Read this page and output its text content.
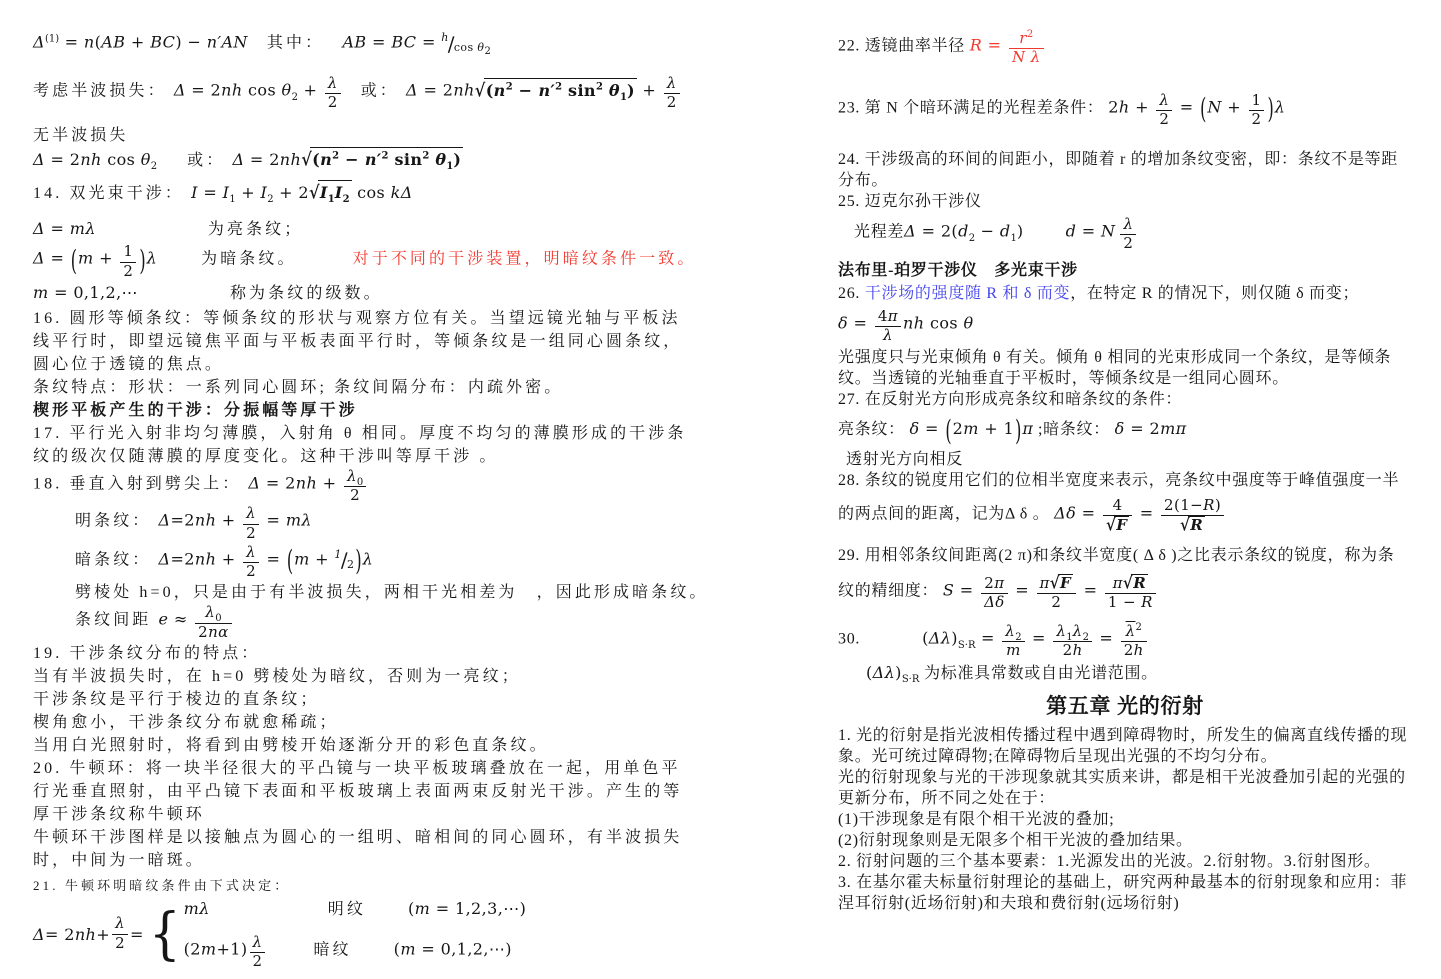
$\Delta^{(1)} = n(AB + BC) - n'AN$　其中：　 AB = BC = $^h∕_{cos \theta_2}$
考虑半波损失： Δ = 2nh $\cos \theta_2 + \frac{\lambda}{2}$ 或： $\Delta = 2nh√(n^2 - n'^2$ $\sin^2 \theta_1) + \frac{\lambda}{2}$
无半波损失
Δ = 2nh $\cos \theta_2$ 或： $\Delta = 2nh√(n^2 - n'^2$ $\sin^2 \theta_1$)
14. 双光束干涉： $I = I_1 + I_2 + 2√I_1I_2$ cos kΔ
Δ = mλ	为亮条纹；
$\Delta = (m + \frac{1}{2} )\lambda$	为暗条纹。	对于不同的干涉装置，明暗纹条件一致。
m = 0,1,2,⋯	称为条纹的级数。
16. 圆形等倾条纹：等倾条纹的形状与观察方位有关。当望远镜光轴与平板法
线平行时，即望远镜焦平面与平板表面平行时，等倾条纹是一组同心圆条纹，
圆心位于透镜的焦点。
条纹特点：形状：一系列同心圆环; 条纹间隔分布：内疏外密。
楔形平板产生的干涉：分振幅等厚干涉
17. 平行光入射非均匀薄膜，入射角 θ 相同。厚度不均匀的薄膜形成的干涉条
纹的级次仅随薄膜的厚度变化。这种干涉叫等厚干涉 。
18. 垂直入射到劈尖上： $\Delta = 2nh + \frac{\lambda_0}{2}$
明条纹： $\Delta=2nh + \frac{\lambda}{2} = m\lambda$
暗条纹： $\Delta=2nh + \frac{\lambda}{2} = (m$ + $^1∕_2)\lambda$
劈棱处 h=0，只是由于有半波损失，两相干光相差为　，因此形成暗条纹。
条纹间距 $e \approx \frac{\lambda_0}{2n\alpha}$
19. 干涉条纹分布的特点：
当有半波损失时，在 h=0 劈棱处为暗纹，否则为一亮纹；
干涉条纹是平行于棱边的直条纹；
楔角愈小，干涉条纹分布就愈稀疏；
当用白光照射时，将看到由劈棱开始逐渐分开的彩色直条纹。
20. 牛顿环：将一块半径很大的平凸镜与一块平板玻璃叠放在一起，用单色平
行光垂直照射，由平凸镜下表面和平板玻璃上表面两束反射光干涉。产生的等
厚干涉条纹称牛顿环
牛顿环干涉图样是以接触点为圆心的一组明、暗相间的同心圆环，有半波损失
时，中间为一暗斑。
21. 牛顿环明暗纹条件由下式决定：
Δ = 2 nh + $\frac{\lambda}{2}$ = { mλ	明纹	(m = 1,2,3,⋯)
$(2m+1) \frac{\lambda}{2}$	暗纹	(m = 0,1,2,⋯)
22. 透镜曲率半径 $R = \frac{r^2}{\text{N λ}}$
23. 第 N 个暗环满足的光程差条件： $2h + \frac{\lambda}{2} = (N + \frac{1}{2} )\lambda$
24. 干涉级高的环间的间距小，即随着 r 的增加条纹变密，即：条纹不是等距
分布。
25. 迈克尔孙干涉仪
光程差$\Delta = 2(d_2 - d_1)$	d = N $\frac{\lambda}{2}$
法布里-珀罗干涉仪　多光束干涉
26. 干涉场的强度随 R 和 δ 而变，在特定 R 的情况下，则仅随 δ 而变；
$\delta = \frac{4\pi}{\lambda}$ nh cos θ
光强度只与光束倾角 θ 有关。倾角 θ 相同的光束形成同一个条纹，是等倾条
纹。当透镜的光轴垂直于平板时，等倾条纹是一组同心圆环。
27. 在反射光方向形成亮条纹和暗条纹的条件：
亮条纹： δ = (2m + 1)π ;暗条纹： δ = 2mπ
透射光方向相反
28. 条纹的锐度用它们的位相半宽度来表示，亮条纹中强度等于峰值强度一半
的两点间的距离，记为Δ δ 。 $\Delta\delta = \frac{4}{√F} = \frac{2(1-R)}{√R}$
29. 用相邻条纹间距离(2 π)和条纹半宽度( Δ δ )之比表示条纹的锐度，称为条
纹的精细度： $S = \frac{2\pi}{\Delta\delta} = \frac{\pi√F}{2} = \frac{\pi√R}{1 - R}$
30.	$(\Delta\lambda)_{S\cdot R} = \frac{\lambda_2}{m} = \frac{\lambda_1\lambda_2}{2h} = \frac{\overline{\lambda}^2}{2h}$
$(\Delta\lambda)_{S\cdot R}$ 为标准具常数或自由光谱范围。
第五章 光的衍射
1. 光的衍射是指光波相传播过程中遇到障碍物时，所发生的偏离直线传播的现
象。光可统过障碍物;在障碍物后呈现出光强的不均匀分布。
光的衍射现象与光的干涉现象就其实质来讲，都是相干光波叠加引起的光强的
更新分布，所不同之处在于：
(1)干涉现象是有限个相干光波的叠加;
(2)衍射现象则是无限多个相干光波的叠加结果。
2. 衍射问题的三个基本要素：1.光源发出的光波。2.衍射物。3.衍射图形。
3. 在基尔霍夫标量衍射理论的基础上，研究两种最基本的衍射现象和应用：菲
涅耳衍射(近场衍射)和夫琅和费衍射(远场衍射)
